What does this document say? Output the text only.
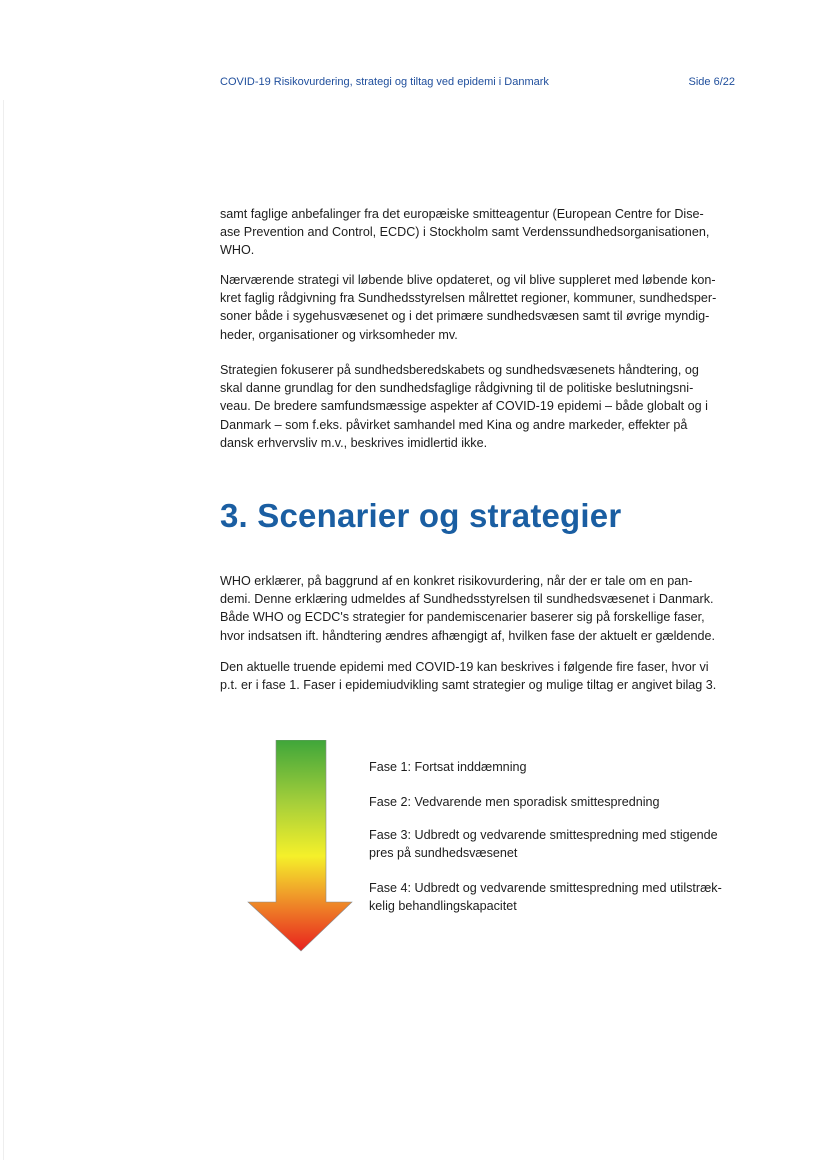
COVID-19 Risikovurdering, strategi og tiltag ved epidemi i Danmark	Side 6/22

samt faglige anbefalinger fra det europæiske smitteagentur (European Centre for Dise-
ase Prevention and Control, ECDC) i Stockholm samt Verdenssundhedsorganisationen,
WHO.

Nærværende strategi vil løbende blive opdateret, og vil blive suppleret med løbende kon-
kret faglig rådgivning fra Sundhedsstyrelsen målrettet regioner, kommuner, sundhedsper-
soner både i sygehusvæsenet og i det primære sundhedsvæsen samt til øvrige myndig-
heder, organisationer og virksomheder mv.

Strategien fokuserer på sundhedsberedskabets og sundhedsvæsenets håndtering, og
skal danne grundlag for den sundhedsfaglige rådgivning til de politiske beslutningsni-
veau. De bredere samfundsmæssige aspekter af COVID-19 epidemi – både globalt og i
Danmark – som f.eks. påvirket samhandel med Kina og andre markeder, effekter på
dansk erhvervsliv m.v., beskrives imidlertid ikke.

3. Scenarier og strategier

WHO erklærer, på baggrund af en konkret risikovurdering, når der er tale om en pan-
demi. Denne erklæring udmeldes af Sundhedsstyrelsen til sundhedsvæsenet i Danmark.
Både WHO og ECDC's strategier for pandemiscenarier baserer sig på forskellige faser,
hvor indsatsen ift. håndtering ændres afhængigt af, hvilken fase der aktuelt er gældende.

Den aktuelle truende epidemi med COVID-19 kan beskrives i følgende fire faser, hvor vi
p.t. er i fase 1. Faser i epidemiudvikling samt strategier og mulige tiltag er angivet bilag 3.

Fase 1: Fortsat inddæmning
Fase 2: Vedvarende men sporadisk smittespredning
Fase 3: Udbredt og vedvarende smittespredning med stigende
pres på sundhedsvæsenet
Fase 4: Udbredt og vedvarende smittespredning med utilstræk-
kelig behandlingskapacitet
